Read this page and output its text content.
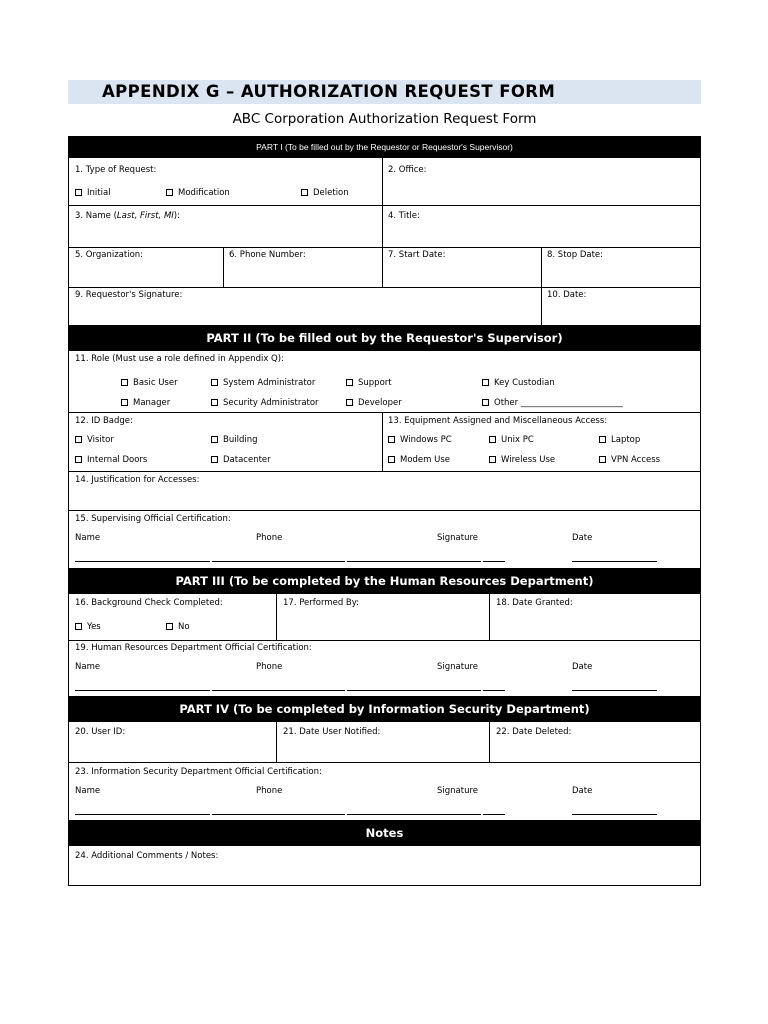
APPENDIX G – AUTHORIZATION REQUEST FORM
ABC Corporation Authorization Request Form
PART I (To be filled out by the Requestor or Requestor's Supervisor)
1. Type of Request:
Initial	Modification	Deletion
2. Office:
3. Name (Last, First, MI):	4. Title:
5. Organization:	6. Phone Number:	7. Start Date:	8. Stop Date:
9. Requestor's Signature:	10. Date:
PART II (To be filled out by the Requestor's Supervisor)
11. Role (Must use a role defined in Appendix Q):
Basic User	System Administrator	Support	Key Custodian
Manager	Security Administrator	Developer	Other ________________________
12. ID Badge:
Visitor	Building
Internal Doors	Datacenter
13. Equipment Assigned and Miscellaneous Access:
Windows PC	Unix PC	Laptop
Modem Use	Wireless Use	VPN Access
14. Justification for Accesses:
15. Supervising Official Certification:
Name	Phone	Signature	Date
PART III (To be completed by the Human Resources Department)
16. Background Check Completed:
Yes	No
17. Performed By:	18. Date Granted:
19. Human Resources Department Official Certification:
Name	Phone	Signature	Date
PART IV (To be completed by Information Security Department)
20. User ID:	21. Date User Notified:	22. Date Deleted:
23. Information Security Department Official Certification:
Name	Phone	Signature	Date
Notes
24. Additional Comments / Notes:
